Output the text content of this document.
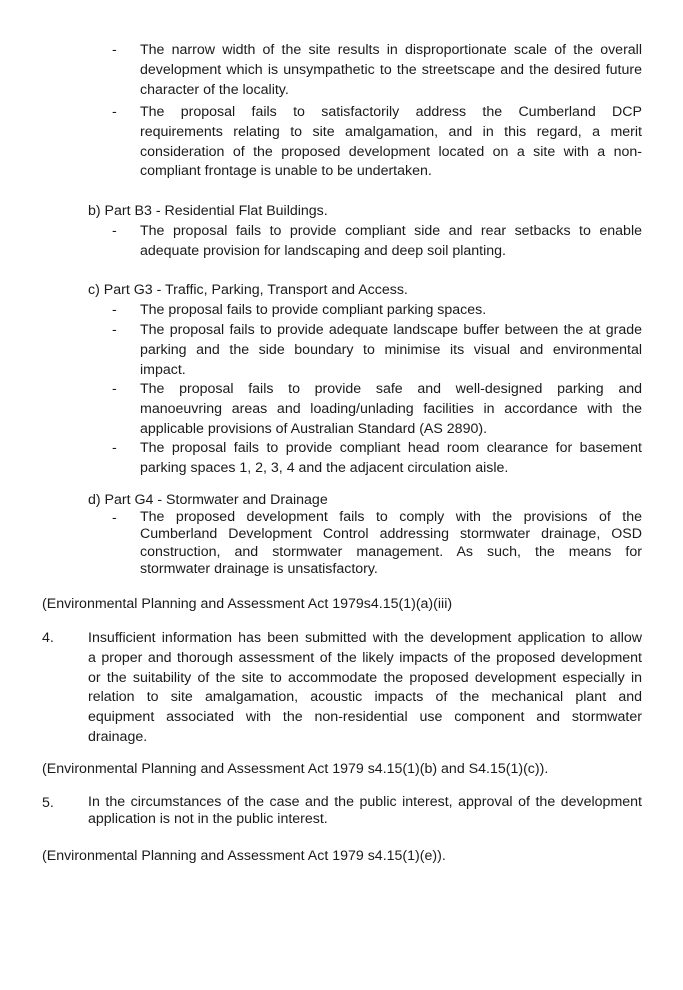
-	The narrow width of the site results in disproportionate scale of the overall
development which is unsympathetic to the streetscape and the desired future
character of the locality.
-	The proposal fails to satisfactorily address the Cumberland DCP
requirements relating to site amalgamation, and in this regard, a merit
consideration of the proposed development located on a site with a non-
compliant frontage is unable to be undertaken.
b) Part B3 - Residential Flat Buildings.
-	The proposal fails to provide compliant side and rear setbacks to enable
adequate provision for landscaping and deep soil planting.
c) Part G3 - Traffic, Parking, Transport and Access.
-	The proposal fails to provide compliant parking spaces.
-	The proposal fails to provide adequate landscape buffer between the at grade
parking and the side boundary to minimise its visual and environmental
impact.
-	The proposal fails to provide safe and well-designed parking and
manoeuvring areas and loading/unlading facilities in accordance with the
applicable provisions of Australian Standard (AS 2890).
-	The proposal fails to provide compliant head room clearance for basement
parking spaces 1, 2, 3, 4 and the adjacent circulation aisle.
d) Part G4 - Stormwater and Drainage
-	The proposed development fails to comply with the provisions of the
Cumberland Development Control addressing stormwater drainage, OSD
construction, and stormwater management. As such, the means for
stormwater drainage is unsatisfactory.
(Environmental Planning and Assessment Act 1979s4.15(1)(a)(iii)
4. Insufficient information has been submitted with the development application to allow
a proper and thorough assessment of the likely impacts of the proposed development
or the suitability of the site to accommodate the proposed development especially in
relation to site amalgamation, acoustic impacts of the mechanical plant and
equipment associated with the non-residential use component and stormwater
drainage.
(Environmental Planning and Assessment Act 1979 s4.15(1)(b) and S4.15(1)(c)).
5. In the circumstances of the case and the public interest, approval of the development
application is not in the public interest.
(Environmental Planning and Assessment Act 1979 s4.15(1)(e)).
